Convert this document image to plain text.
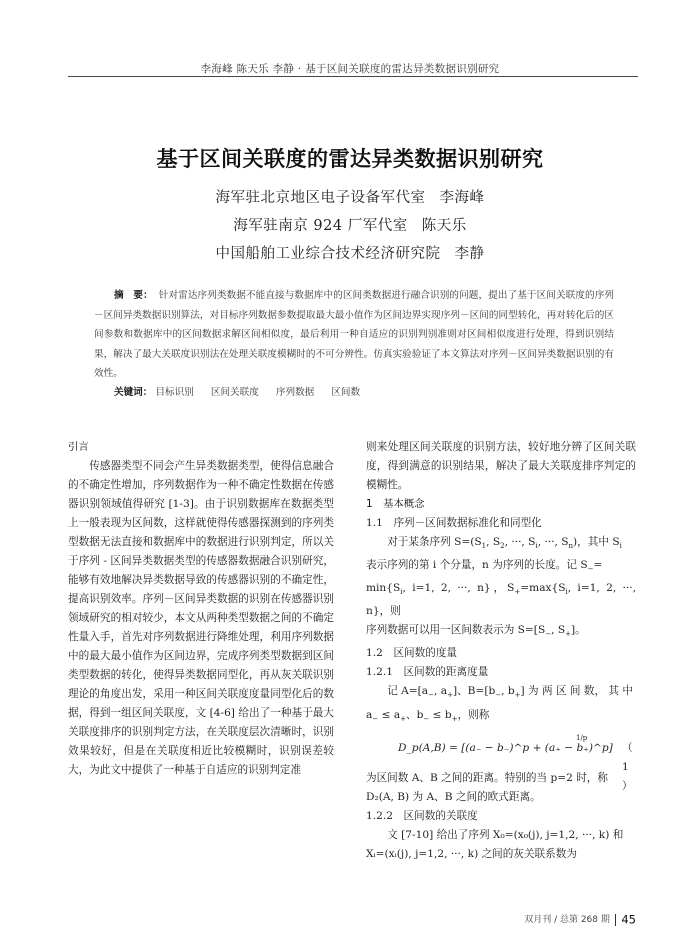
李海峰 陈天乐 李静 · 基于区间关联度的雷达异类数据识别研究
基于区间关联度的雷达异类数据识别研究
海军驻北京地区电子设备军代室 李海峰
海军驻南京 924 厂军代室 陈天乐
中国船舶工业综合技术经济研究院 李静
摘　要： 针对雷达序列类数据不能直接与数据库中的区间类数据进行融合识别的问题，提出了基于区间关联度的序列－区间异类数据识别算法，对目标序列数据参数提取最大最小值作为区间边界实现序列－区间的同型转化，再对转化后的区间参数和数据库中的区间数据求解区间相似度，最后利用一种自适应的识别判别准则对区间相似度进行处理，得到识别结果，解决了最大关联度识别法在处理关联度模糊时的不可分辨性。仿真实验验证了本文算法对序列－区间异类数据识别的有效性。
关键词： 目标识别 区间关联度 序列数据 区间数

引言

传感器类型不同会产生异类数据类型，使得信息融合的不确定性增加，序列数据作为一种不确定性数据在传感器识别领域值得研究 [1-3]。由于识别数据库在数据类型上一般表现为区间数，这样就使得传感器探测到的序列类型数据无法直接和数据库中的数据进行识别判定，所以关于序列 - 区间异类数据类型的传感器数据融合识别研究，能够有效地解决异类数据导致的传感器识别的不确定性，提高识别效率。序列－区间异类数据的识别在传感器识别领域研究的相对较少，本文从两种类型数据之间的不确定性量入手，首先对序列数据进行降维处理，利用序列数据中的最大最小值作为区间边界，完成序列类型数据到区间类型数据的转化，使得异类数据同型化，再从灰关联识别理论的角度出发，采用一种区间关联度度量同型化后的数据，得到一组区间关联度，文 [4-6] 给出了一种基于最大关联度排序的识别判定方法，在关联度层次清晰时，识别效果较好，但是在关联度相近比较模糊时，识别误差较大，为此文中提供了一种基于自适应的识别判定准

则来处理区间关联度的识别方法，较好地分辨了区间关联度，得到满意的识别结果，解决了最大关联度排序判定的模糊性。

1　基本概念

1.1　序列－区间数据标准化和同型化

对于某条序列 $S=(S_1$, $S_2$, ···, $S_i$, ···, $S_n$)，其中 $S_i$

表示序列的第 i 个分量，n 为序列的长度。记 $S_-=$

$\min\{S_i$, i=1, 2, ···, n}，$S_+=\max\{S_i$, i=1, 2, ···, n}，则

序列数据可以用一区间数表示为 $S=[S_-$, $S_+$]。

1.2　区间数的度量

1.2.1　区间数的距离度量

记 $A=[a_-$, $a_+$]、$B=[b_-$, $b_+$] 为 两 区 间 数， 其 中

$a_- \le a_+$、$b_- \le b_+$，则称

D_p(A,B) = [(a₋ − b₋)^p + (a₊ − b₊)^p]
1/p
（ 1 ）

为区间数 A、B 之间的距离。特别的当 p=2 时，称

D₂(A, B) 为 A、B 之间的欧式距离。

1.2.2　区间数的关联度

文 [7-10] 给出了序列 X₀=(x₀(j), j=1,2, ···, k) 和

Xᵢ=(xᵢ(j), j=1,2, ···, k) 之间的灰关联系数为

双月刊 / 总第 268 期 45
